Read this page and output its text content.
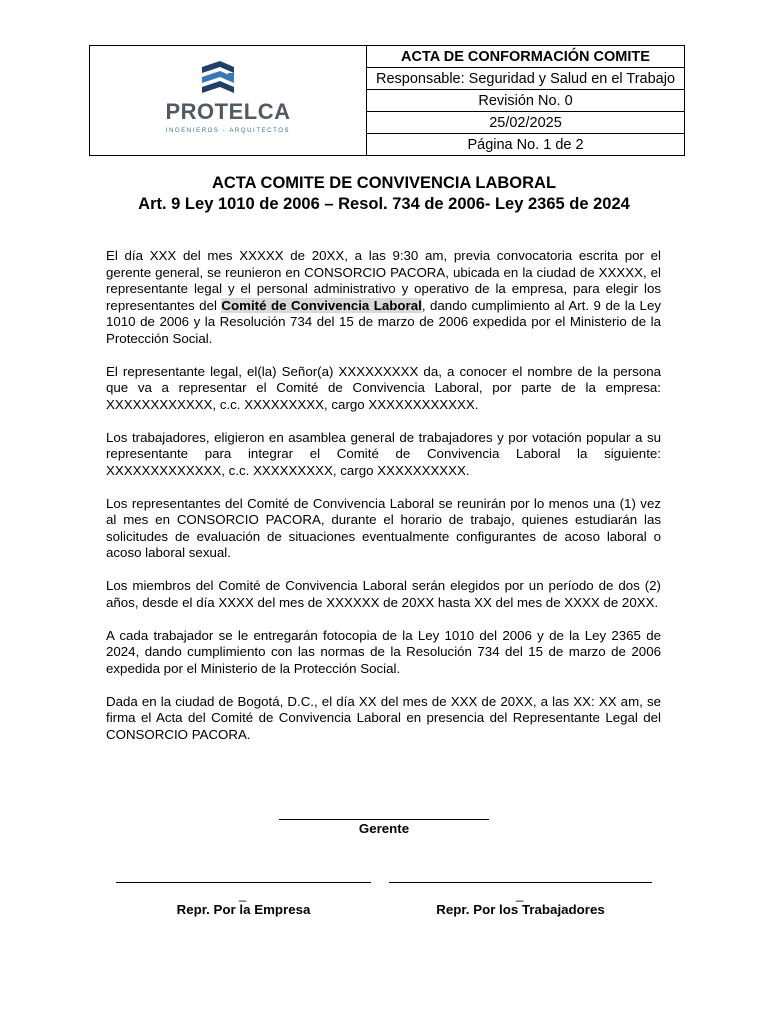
PROTELCA
INGENIEROS - ARQUITECTOS
	ACTA DE CONFORMACIÓN COMITE
Responsable: Seguridad y Salud en el Trabajo
Revisión No. 0
25/02/2025
Página No. 1 de 2
ACTA COMITE DE CONVIVENCIA LABORAL
Art. 9 Ley 1010 de 2006 – Resol. 734 de 2006- Ley 2365 de 2024

El día XXX del mes XXXXX de 20XX, a las 9:30 am, previa convocatoria escrita por el gerente general, se reunieron en CONSORCIO PACORA, ubicada en la ciudad de XXXXX, el representante legal y el personal administrativo y operativo de la empresa, para elegir los representantes del Comité de Convivencia Laboral, dando cumplimiento al Art. 9 de la Ley 1010 de 2006 y la Resolución 734 del 15 de marzo de 2006 expedida por el Ministerio de la Protección Social.

El representante legal, el(la) Señor(a) XXXXXXXXX da, a conocer el nombre de la persona que va a representar el Comité de Convivencia Laboral, por parte de la empresa: XXXXXXXXXXXX, c.c. XXXXXXXXX, cargo XXXXXXXXXXXX.

Los trabajadores, eligieron en asamblea general de trabajadores y por votación popular a su representante para integrar el Comité de Convivencia Laboral la siguiente: XXXXXXXXXXXXX, c.c. XXXXXXXXX, cargo XXXXXXXXXX.

Los representantes del Comité de Convivencia Laboral se reunirán por lo menos una (1) vez al mes en CONSORCIO PACORA, durante el horario de trabajo, quienes estudiarán las solicitudes de evaluación de situaciones eventualmente configurantes de acoso laboral o acoso laboral sexual.

Los miembros del Comité de Convivencia Laboral serán elegidos por un período de dos (2) años, desde el día XXXX del mes de XXXXXX de 20XX hasta XX del mes de XXXX de 20XX.

A cada trabajador se le entregarán fotocopia de la Ley 1010 del 2006 y de la Ley 2365 de 2024, dando cumplimiento con las normas de la Resolución 734 del 15 de marzo de 2006 expedida por el Ministerio de la Protección Social.

Dada en la ciudad de Bogotá, D.C., el día XX del mes de XXX de 20XX, a las XX: XX am, se firma el Acta del Comité de Convivencia Laboral en presencia del Representante Legal del CONSORCIO PACORA.

Gerente
_
Repr. Por la Empresa
_
Repr. Por los Trabajadores
